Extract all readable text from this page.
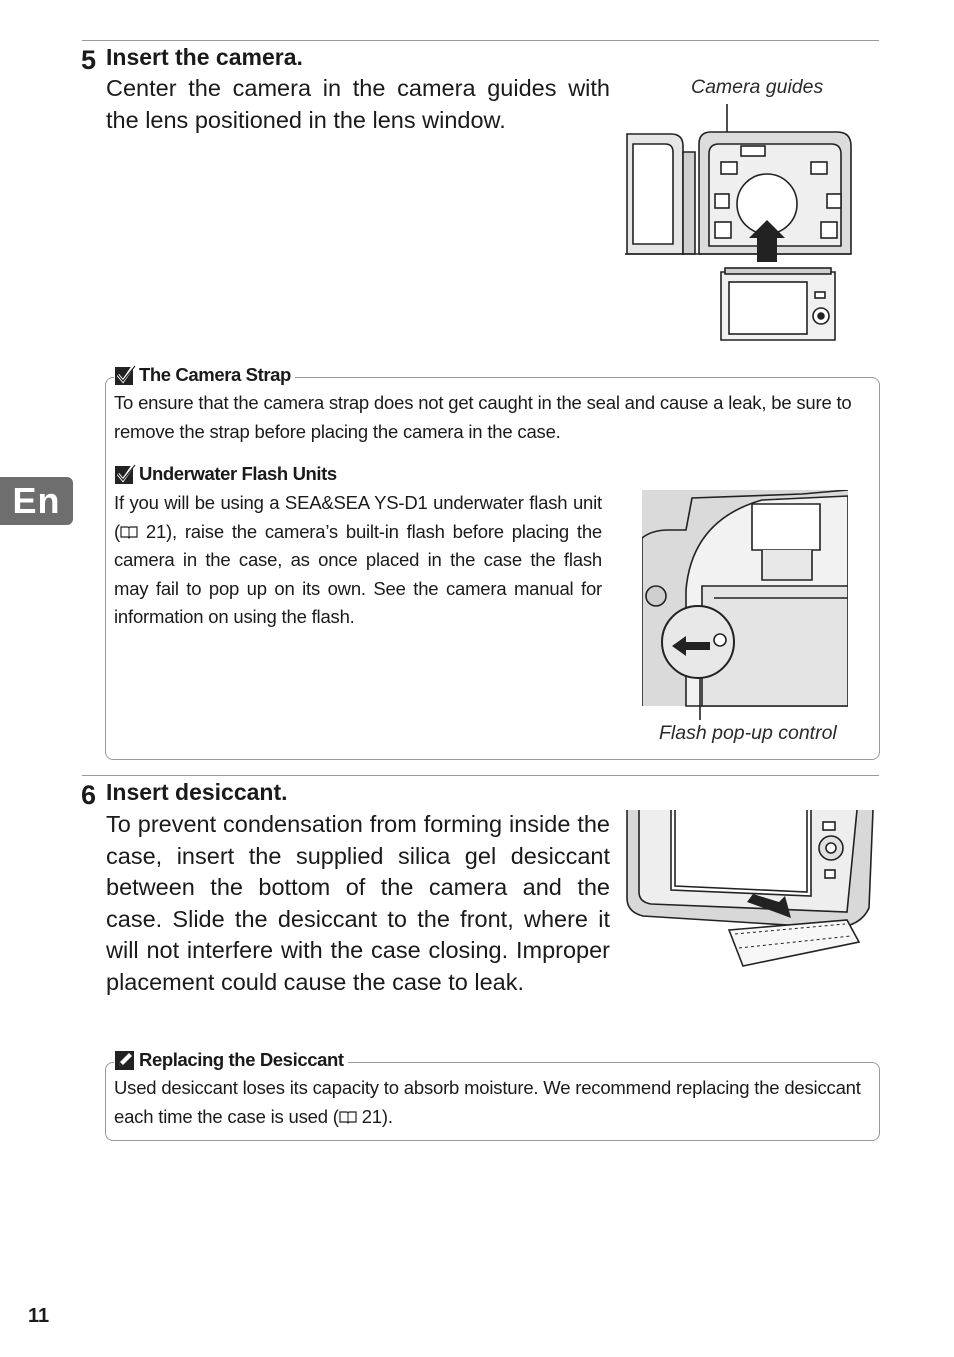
5 Insert the camera.

Center the camera in the camera guides with the lens positioned in the lens window.

Camera guides
The Camera Strap

To ensure that the camera strap does not get caught in the seal and cause a leak, be sure to remove the strap before placing the camera in the case.

Underwater Flash Units

If you will be using a SEA&SEA YS-D1 underwater flash unit ( 21), raise the camera’s built-in flash before placing the camera in the case, as once placed in the case the flash may fail to pop up on its own. See the camera manual for information on using the flash.

Flash pop-up control
En
6 Insert desiccant.

To prevent condensation from forming inside the case, insert the supplied silica gel desiccant between the bottom of the camera and the case. Slide the desiccant to the front, where it will not interfere with the case closing. Improper placement could cause the case to leak.

Replacing the Desiccant

Used desiccant loses its capacity to absorb moisture. We recommend replacing the desiccant each time the case is used ( 21).

11
